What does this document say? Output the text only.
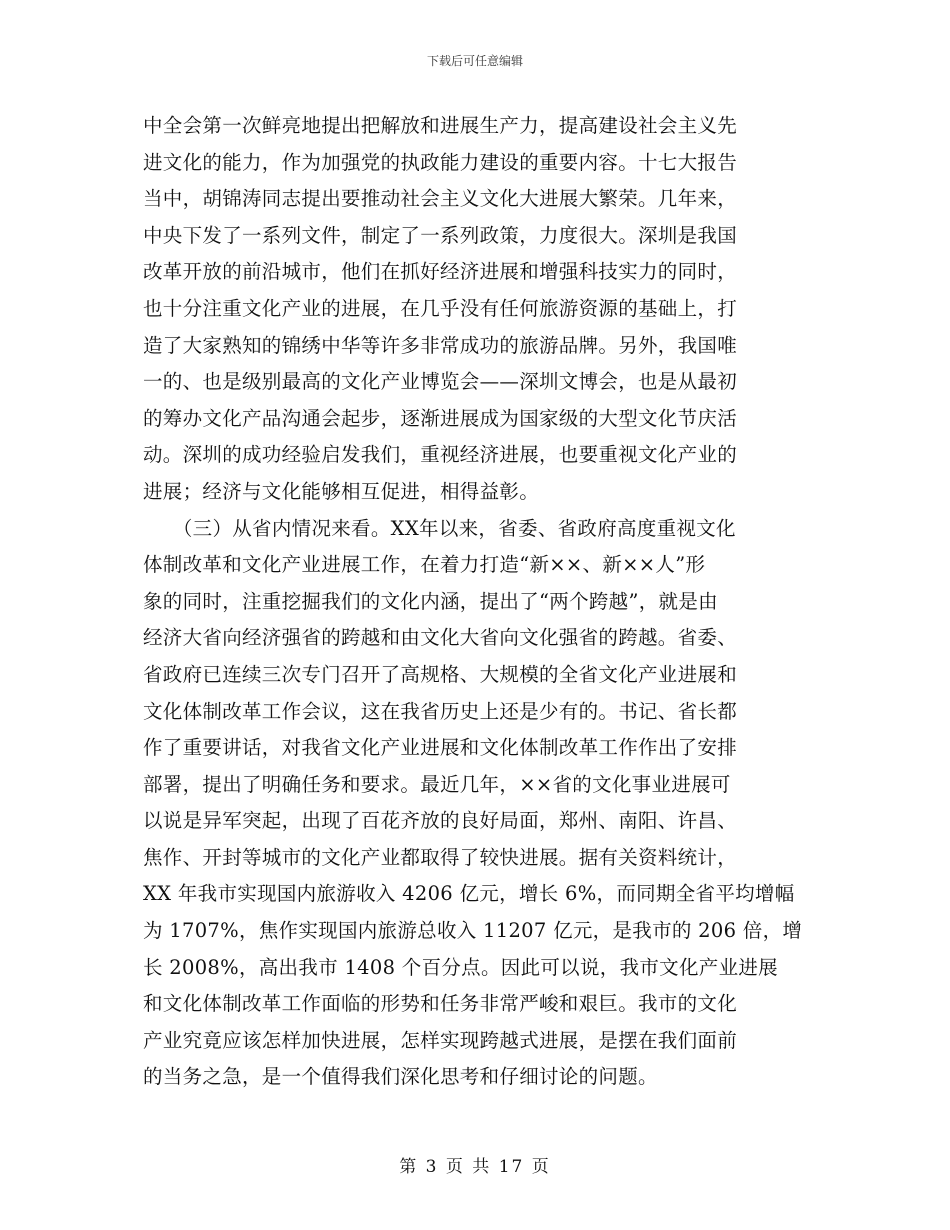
下载后可任意编辑
中全会第一次鲜亮地提出把解放和进展生产力，提高建设社会主义先
进文化的能力，作为加强党的执政能力建设的重要内容。十七大报告
当中，胡锦涛同志提出要推动社会主义文化大进展大繁荣。几年来，
中央下发了一系列文件，制定了一系列政策，力度很大。深圳是我国
改革开放的前沿城市，他们在抓好经济进展和增强科技实力的同时，
也十分注重文化产业的进展，在几乎没有任何旅游资源的基础上，打
造了大家熟知的锦绣中华等许多非常成功的旅游品牌。另外，我国唯
一的、也是级别最高的文化产业博览会——深圳文博会，也是从最初
的筹办文化产品沟通会起步，逐渐进展成为国家级的大型文化节庆活
动。深圳的成功经验启发我们，重视经济进展，也要重视文化产业的
进展；经济与文化能够相互促进，相得益彰。
　　（三）从省内情况来看。XX年以来，省委、省政府高度重视文化
体制改革和文化产业进展工作，在着力打造“新××、新××人”形
象的同时，注重挖掘我们的文化内涵，提出了“两个跨越”，就是由
经济大省向经济强省的跨越和由文化大省向文化强省的跨越。省委、
省政府已连续三次专门召开了高规格、大规模的全省文化产业进展和
文化体制改革工作会议，这在我省历史上还是少有的。书记、省长都
作了重要讲话，对我省文化产业进展和文化体制改革工作作出了安排
部署，提出了明确任务和要求。最近几年，××省的文化事业进展可
以说是异军突起，出现了百花齐放的良好局面，郑州、南阳、许昌、
焦作、开封等城市的文化产业都取得了较快进展。据有关资料统计，
XX 年我市实现国内旅游收入 4206 亿元，增长 6%，而同期全省平均增幅
为 1707%，焦作实现国内旅游总收入 11207 亿元，是我市的 206 倍，增
长 2008%，高出我市 1408 个百分点。因此可以说，我市文化产业进展
和文化体制改革工作面临的形势和任务非常严峻和艰巨。我市的文化
产业究竟应该怎样加快进展，怎样实现跨越式进展，是摆在我们面前
的当务之急，是一个值得我们深化思考和仔细讨论的问题。
第 3 页 共 17 页
